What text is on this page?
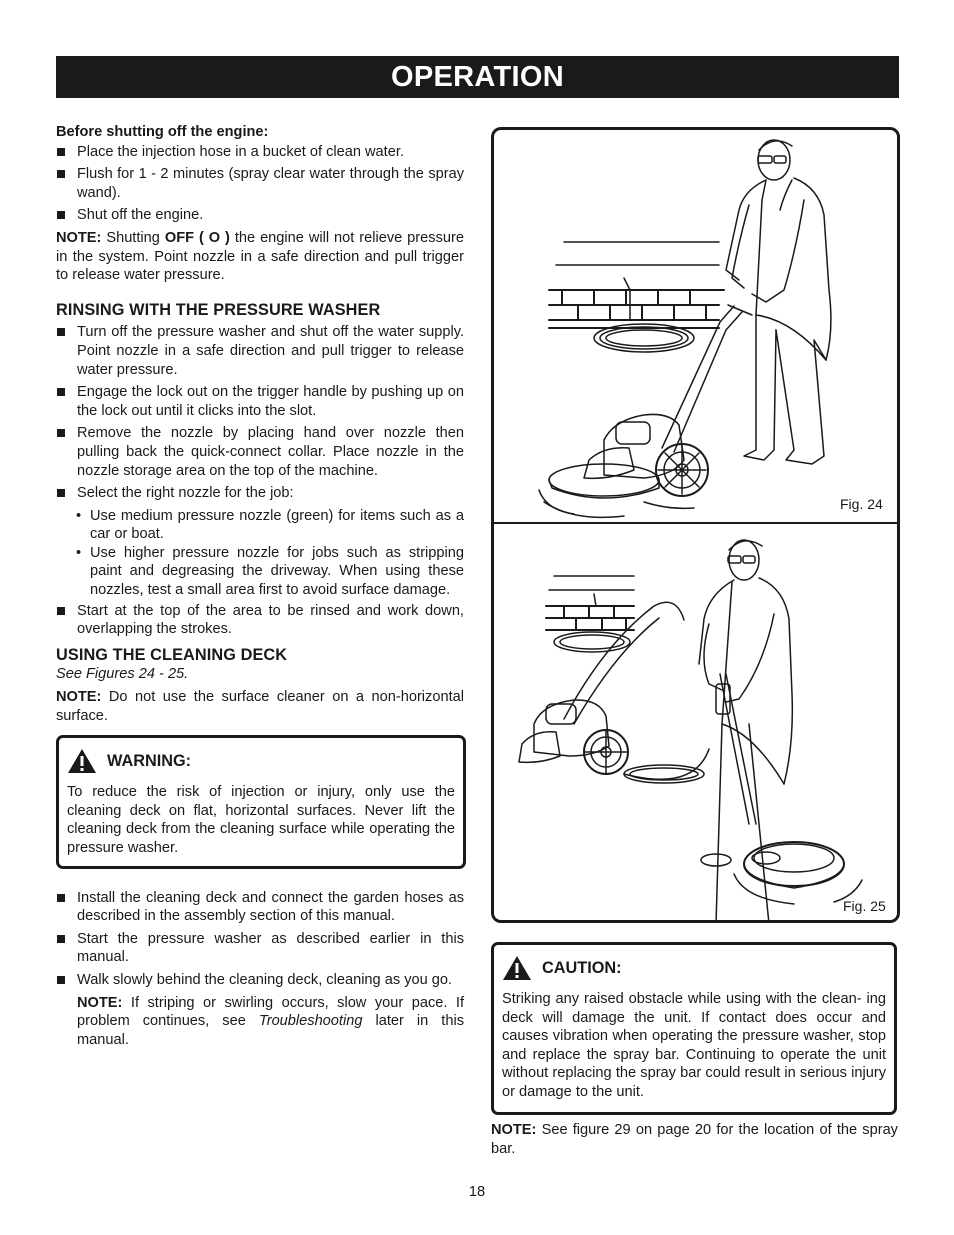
OPERATION

Before shutting off the engine:

Place the injection hose in a bucket of clean water.
Flush for 1 - 2 minutes (spray clear water through the spray wand).
Shut off the engine.

NOTE: Shutting OFF ( O ) the engine will not relieve pressure in the system. Point nozzle in a safe direction and pull trigger to release water pressure.

RINSING WITH THE PRESSURE WASHER
Turn off the pressure washer and shut off the water supply. Point nozzle in a safe direction and pull trigger to release water pressure.
Engage the lock out on the trigger handle by pushing up on the lock out until it clicks into the slot.
Remove the nozzle by placing hand over nozzle then pulling back the quick-connect collar. Place nozzle in the nozzle storage area on the top of the machine.
Select the right nozzle for the job:
• Use medium pressure nozzle (green) for items such as a car or boat.
• Use higher pressure nozzle for jobs such as stripping paint and degreasing the driveway. When using these nozzles, test a small area first to avoid surface damage.
Start at the top of the area to be rinsed and work down, overlapping the strokes.
USING THE CLEANING DECK

See Figures 24 - 25.

NOTE: Do not use the surface cleaner on a non-horizontal surface.

WARNING:

To reduce the risk of injection or injury, only use the cleaning deck on flat, horizontal surfaces. Never lift the cleaning deck from the cleaning surface while operating the pressure washer.

Install the cleaning deck and connect the garden hoses as described in the assembly section of this manual.
Start the pressure washer as described earlier in this manual.
Walk slowly behind the cleaning deck, cleaning as you go.

NOTE: If striping or swirling occurs, slow your pace. If problem continues, see Troubleshooting later in this manual.

Fig. 24
Fig. 25
CAUTION:

Striking any raised obstacle while using with the clean- ing deck will damage the unit. If contact does occur and causes vibration when operating the pressure washer, stop and replace the spray bar. Continuing to operate the unit without replacing the spray bar could result in serious injury or damage to the unit.

NOTE: See figure 29 on page 20 for the location of the spray bar.

18
